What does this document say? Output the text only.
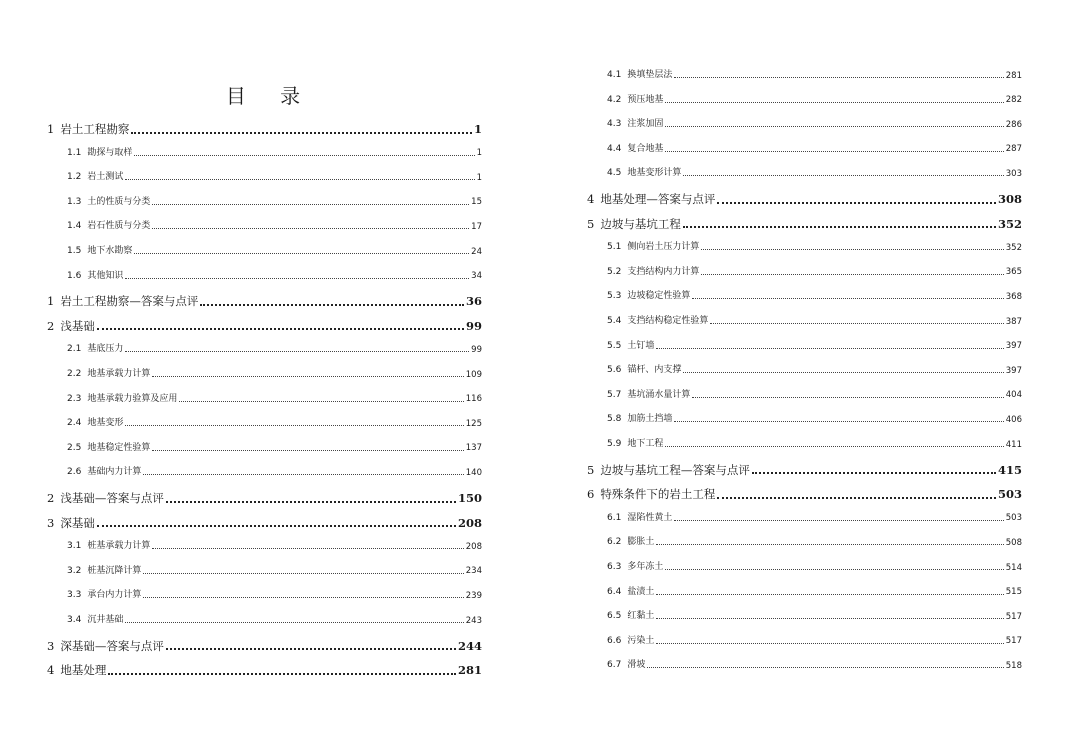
目 录
1 岩土工程勘察	1
1.1 勘探与取样	1
1.2 岩土测试	1
1.3 土的性质与分类	15
1.4 岩石性质与分类	17
1.5 地下水勘察	24
1.6 其他知识	34
1 岩土工程勘察—答案与点评	36
2 浅基础	99
2.1 基底压力	99
2.2 地基承载力计算	109
2.3 地基承载力验算及应用	116
2.4 地基变形	125
2.5 地基稳定性验算	137
2.6 基础内力计算	140
2 浅基础—答案与点评	150
3 深基础	208
3.1 桩基承载力计算	208
3.2 桩基沉降计算	234
3.3 承台内力计算	239
3.4 沉井基础	243
3 深基础—答案与点评	244
4 地基处理	281
4.1 换填垫层法	281
4.2 预压地基	282
4.3 注浆加固	286
4.4 复合地基	287
4.5 地基变形计算	303
4 地基处理—答案与点评	308
5 边坡与基坑工程	352
5.1 侧向岩土压力计算	352
5.2 支挡结构内力计算	365
5.3 边坡稳定性验算	368
5.4 支挡结构稳定性验算	387
5.5 土钉墙	397
5.6 锚杆、内支撑	397
5.7 基坑涌水量计算	404
5.8 加筋土挡墙	406
5.9 地下工程	411
5 边坡与基坑工程—答案与点评	415
6 特殊条件下的岩土工程	503
6.1 湿陷性黄土	503
6.2 膨胀土	508
6.3 多年冻土	514
6.4 盐渍土	515
6.5 红黏土	517
6.6 污染土	517
6.7 滑坡	518
